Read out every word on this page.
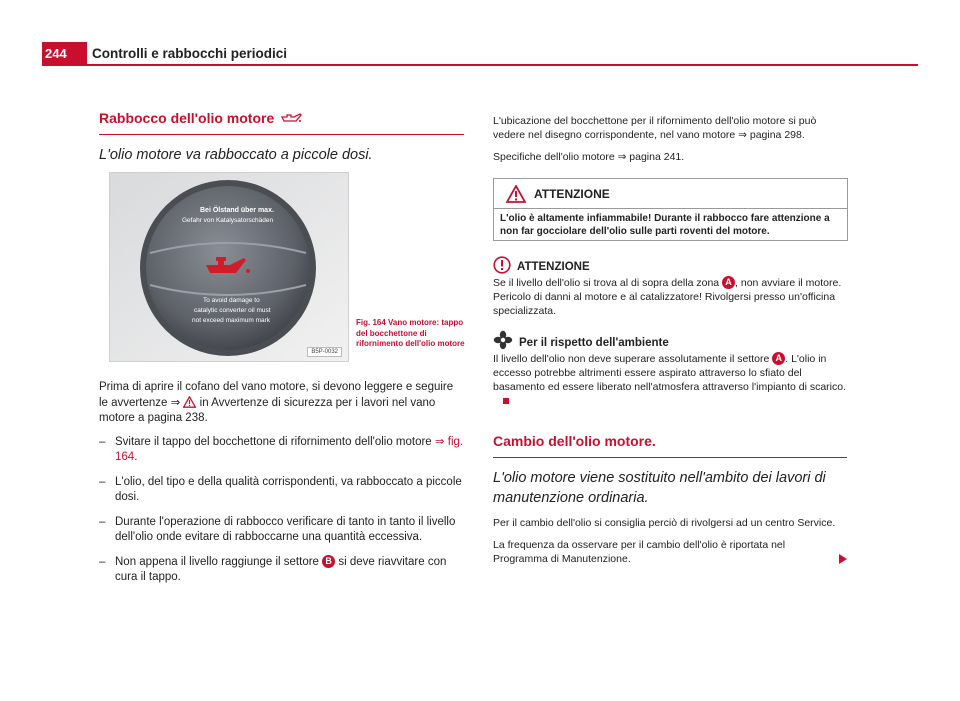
244	Controlli e rabbocchi periodici
Rabbocco dell'olio motore
L'olio motore va rabboccato a piccole dosi.
Bei Ölstand über max.
Gefahr von Katalysatorschäden
To avoid damage to
catalytic converter oil must
not exceed maximum mark
B5P-0032
Fig. 164 Vano motore: tappo del bocchettone di rifornimento dell'olio motore

Prima di aprire il cofano del vano motore, si devono leggere e seguire le avvertenze ⇒ in Avvertenze di sicurezza per i lavori nel vano motore a pagina 238.

– Svitare il tappo del bocchettone di rifornimento dell'olio motore ⇒ fig. 164.
– L'olio, del tipo e della qualità corrispondenti, va rabboccato a piccole dosi.
– Durante l'operazione di rabbocco verificare di tanto in tanto il livello dell'olio onde evitare di rabboccarne una quantità eccessiva.
– Non appena il livello raggiunge il settore B si deve riavvitare con cura il tappo.

L'ubicazione del bocchettone per il rifornimento dell'olio motore si può vedere nel disegno corrispondente, nel vano motore ⇒ pagina 298.

Specifiche dell'olio motore ⇒ pagina 241.

ATTENZIONE
L'olio è altamente infiammabile! Durante il rabbocco fare attenzione a non far gocciolare dell'olio sulle parti roventi del motore.
ATTENZIONE
Se il livello dell'olio si trova al di sopra della zona A , non avviare il motore. Pericolo di danni al motore e al catalizzatore! Rivolgersi presso un'officina specializzata.
Per il rispetto dell'ambiente
Il livello dell'olio non deve superare assolutamente il settore A . L'olio in eccesso potrebbe altrimenti essere aspirato attraverso lo sfiato del basamento ed essere liberato nell'atmosfera attraverso l'impianto di scarico.
Cambio dell'olio motore.
L'olio motore viene sostituito nell'ambito dei lavori di manutenzione ordinaria.
Per il cambio dell'olio si consiglia perciò di rivolgersi ad un centro Service.
La frequenza da osservare per il cambio dell'olio è riportata nel Programma di Manutenzione.
